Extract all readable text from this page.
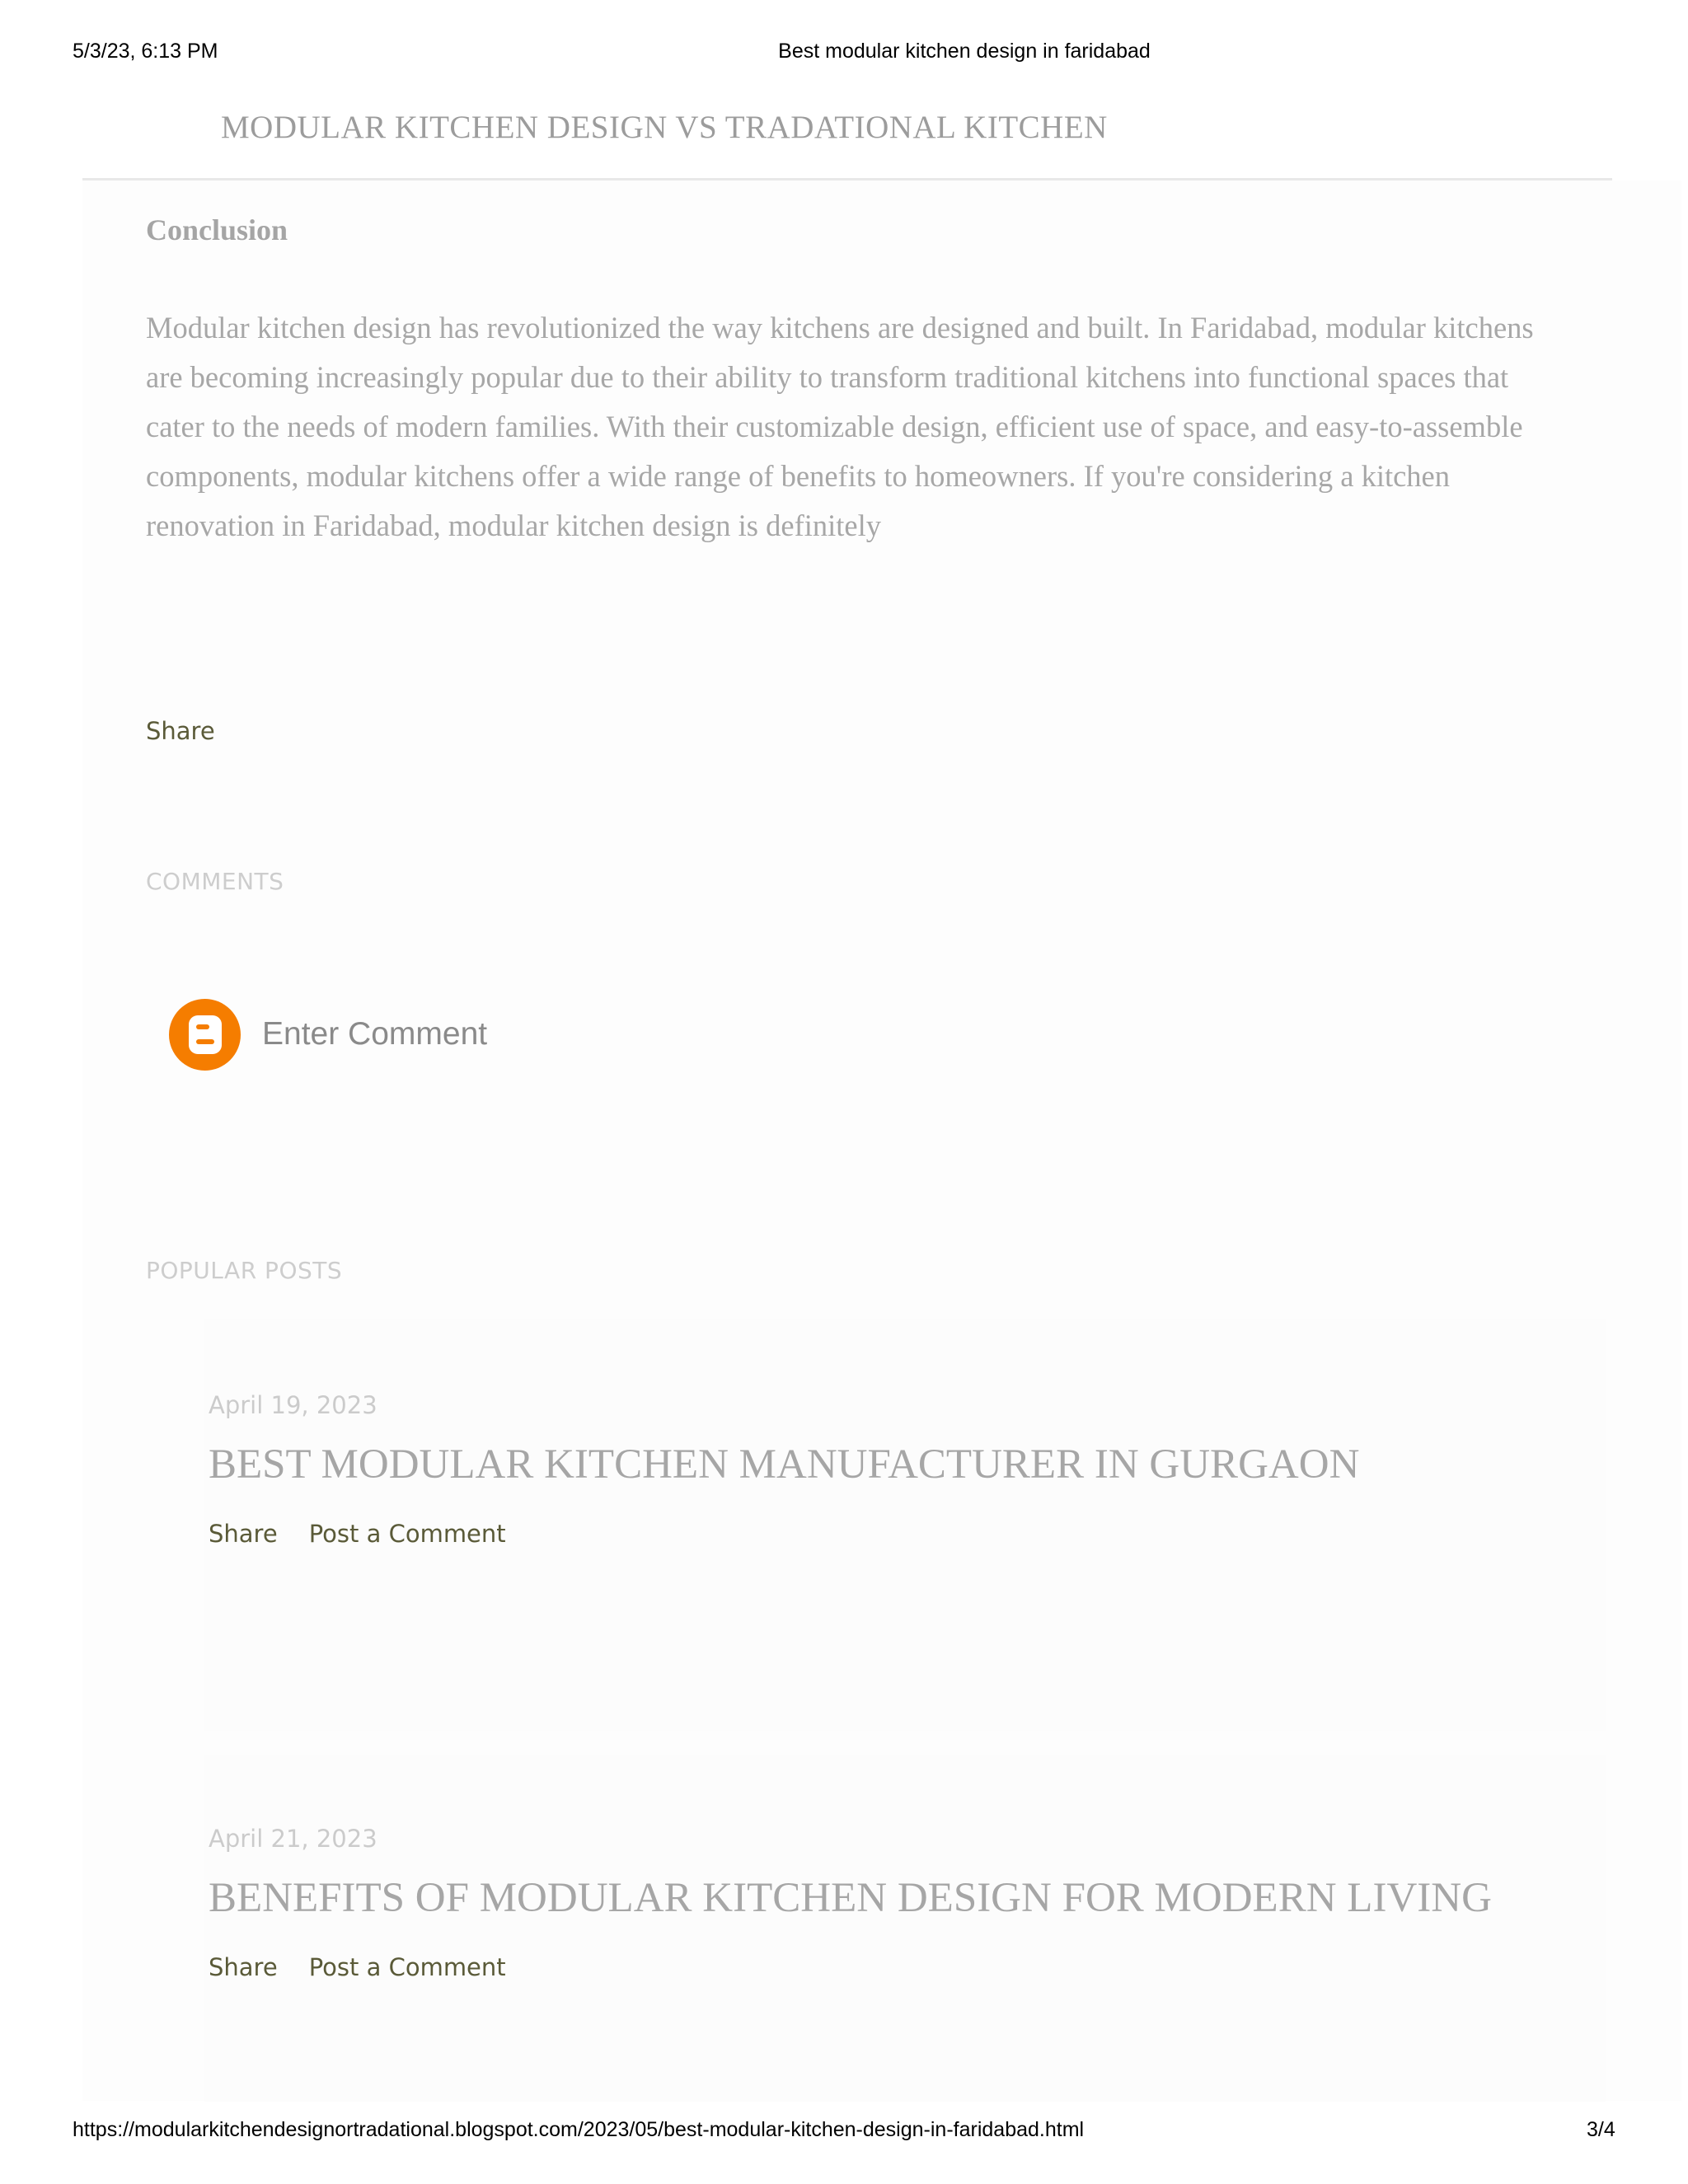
5/3/23, 6:13 PM	Best modular kitchen design in faridabad
MODULAR KITCHEN DESIGN VS TRADATIONAL KITCHEN
Conclusion

Modular kitchen design has revolutionized the way kitchens are designed and built. In Faridabad, modular kitchens are becoming increasingly popular due to their ability to transform traditional kitchens into functional spaces that cater to the needs of modern families. With their customizable design, efficient use of space, and easy-to-assemble components, modular kitchens offer a wide range of benefits to homeowners. If you're considering a kitchen renovation in Faridabad, modular kitchen design is definitely

Share
COMMENTS
Enter Comment
POPULAR POSTS
April 19, 2023
BEST MODULAR KITCHEN MANUFACTURER IN GURGAON
Share Post a Comment
April 21, 2023
BENEFITS OF MODULAR KITCHEN DESIGN FOR MODERN LIVING
Share Post a Comment
https://modularkitchendesignortradational.blogspot.com/2023/05/best-modular-kitchen-design-in-faridabad.html	3/4
